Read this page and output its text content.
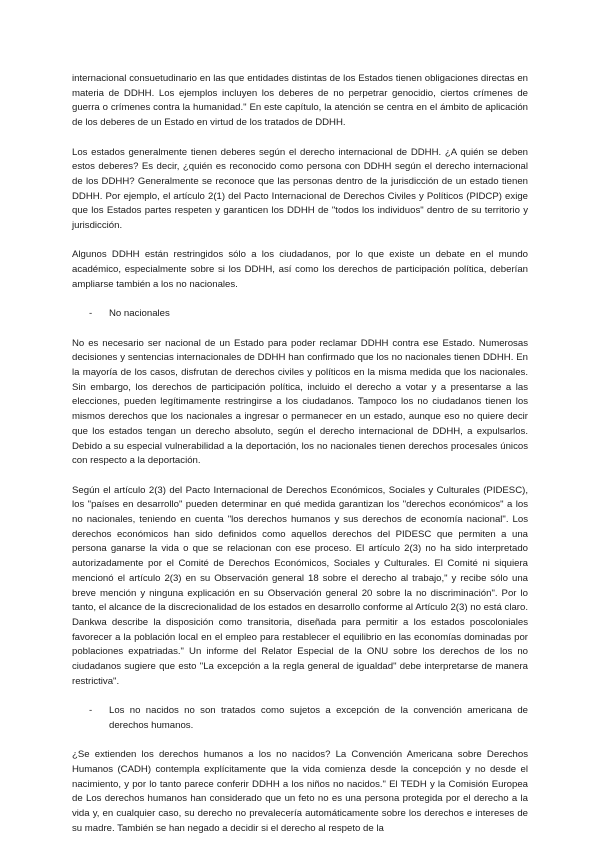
internacional consuetudinario en las que entidades distintas de los Estados tienen obligaciones directas en materia de DDHH. Los ejemplos incluyen los deberes de no perpetrar genocidio, ciertos crímenes de guerra o crímenes contra la humanidad." En este capítulo, la atención se centra en el ámbito de aplicación de los deberes de un Estado en virtud de los tratados de DDHH.

Los estados generalmente tienen deberes según el derecho internacional de DDHH. ¿A quién se deben estos deberes? Es decir, ¿quién es reconocido como persona con DDHH según el derecho internacional de los DDHH? Generalmente se reconoce que las personas dentro de la jurisdicción de un estado tienen DDHH. Por ejemplo, el artículo 2(1) del Pacto Internacional de Derechos Civiles y Políticos (PIDCP) exige que los Estados partes respeten y garanticen los DDHH de "todos los individuos" dentro de su territorio y jurisdicción.

Algunos DDHH están restringidos sólo a los ciudadanos, por lo que existe un debate en el mundo académico, especialmente sobre si los DDHH, así como los derechos de participación política, deberían ampliarse también a los no nacionales.

-	No nacionales

No es necesario ser nacional de un Estado para poder reclamar DDHH contra ese Estado. Numerosas decisiones y sentencias internacionales de DDHH han confirmado que los no nacionales tienen DDHH. En la mayoría de los casos, disfrutan de derechos civiles y políticos en la misma medida que los nacionales. Sin embargo, los derechos de participación política, incluido el derecho a votar y a presentarse a las elecciones, pueden legítimamente restringirse a los ciudadanos. Tampoco los no ciudadanos tienen los mismos derechos que los nacionales a ingresar o permanecer en un estado, aunque eso no quiere decir que los estados tengan un derecho absoluto, según el derecho internacional de DDHH, a expulsarlos. Debido a su especial vulnerabilidad a la deportación, los no nacionales tienen derechos procesales únicos con respecto a la deportación.

Según el artículo 2(3) del Pacto Internacional de Derechos Económicos, Sociales y Culturales (PIDESC), los "países en desarrollo" pueden determinar en qué medida garantizan los "derechos económicos" a los no nacionales, teniendo en cuenta "los derechos humanos y sus derechos de economía nacional". Los derechos económicos han sido definidos como aquellos derechos del PIDESC que permiten a una persona ganarse la vida o que se relacionan con ese proceso. El artículo 2(3) no ha sido interpretado autorizadamente por el Comité de Derechos Económicos, Sociales y Culturales. El Comité ni siquiera mencionó el artículo 2(3) en su Observación general 18 sobre el derecho al trabajo," y recibe sólo una breve mención y ninguna explicación en su Observación general 20 sobre la no discriminación". Por lo tanto, el alcance de la discrecionalidad de los estados en desarrollo conforme al Artículo 2(3) no está claro. Dankwa describe la disposición como transitoria, diseñada para permitir a los estados poscoloniales favorecer a la población local en el empleo para restablecer el equilibrio en las economías dominadas por poblaciones expatriadas." Un informe del Relator Especial de la ONU sobre los derechos de los no ciudadanos sugiere que esto "La excepción a la regla general de igualdad" debe interpretarse de manera restrictiva".

-	Los no nacidos no son tratados como sujetos a excepción de la convención americana de derechos humanos.

¿Se extienden los derechos humanos a los no nacidos? La Convención Americana sobre Derechos Humanos (CADH) contempla explícitamente que la vida comienza desde la concepción y no desde el nacimiento, y por lo tanto parece conferir DDHH a los niños no nacidos." El TEDH y la Comisión Europea de Los derechos humanos han considerado que un feto no es una persona protegida por el derecho a la vida y, en cualquier caso, su derecho no prevalecería automáticamente sobre los derechos e intereses de su madre. También se han negado a decidir si el derecho al respeto de la
